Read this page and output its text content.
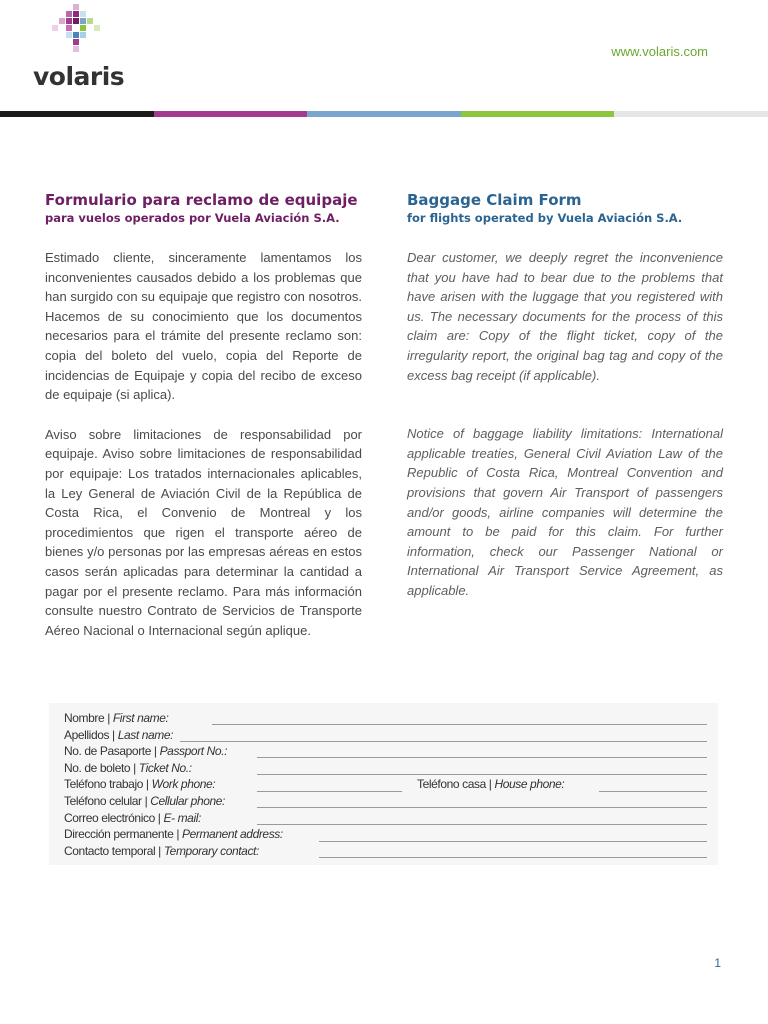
volaris
www.volaris.com
Formulario para reclamo de equipaje

para vuelos operados por Vuela Aviación S.A.

Estimado cliente, sinceramente lamentamos los inconvenientes causados debido a los problemas que han surgido con su equipaje que registro con nosotros. Hacemos de su conocimiento que los documentos necesarios para el trámite del presente reclamo son: copia del boleto del vuelo, copia del Reporte de incidencias de Equipaje y copia del recibo de exceso de equipaje (si aplica).

Aviso sobre limitaciones de responsabilidad por equipaje. Aviso sobre limitaciones de responsabilidad por equipaje: Los tratados internacionales aplicables, la Ley General de Aviación Civil de la República de Costa Rica, el Convenio de Montreal y los procedimientos que rigen el transporte aéreo de bienes y/o personas por las empresas aéreas en estos casos serán aplicadas para determinar la cantidad a pagar por el presente reclamo. Para más información consulte nuestro Contrato de Servicios de Transporte Aéreo Nacional o Internacional según aplique.

Baggage Claim Form

for flights operated by Vuela Aviación S.A.

Dear customer, we deeply regret the inconvenience that you have had to bear due to the problems that have arisen with the luggage that you registered with us. The necessary documents for the process of this claim are: Copy of the flight ticket, copy of the irregularity report, the original bag tag and copy of the excess bag receipt (if applicable).

Notice of baggage liability limitations: International applicable treaties, General Civil Aviation Law of the Republic of Costa Rica, Montreal Convention and provisions that govern Air Transport of passengers and/or goods, airline companies will determine the amount to be paid for this claim. For further information, check our Passenger National or International Air Transport Service Agreement, as applicable.

Nombre | First name:
Apellidos | Last name:
No. de Pasaporte | Passport No.:
No. de boleto | Ticket No.:
Teléfono trabajo | Work phone:	Teléfono casa | House phone:
Teléfono celular | Cellular phone:
Correo electrónico | E- mail:
Dirección permanente | Permanent address:
Contacto temporal | Temporary contact:
1
